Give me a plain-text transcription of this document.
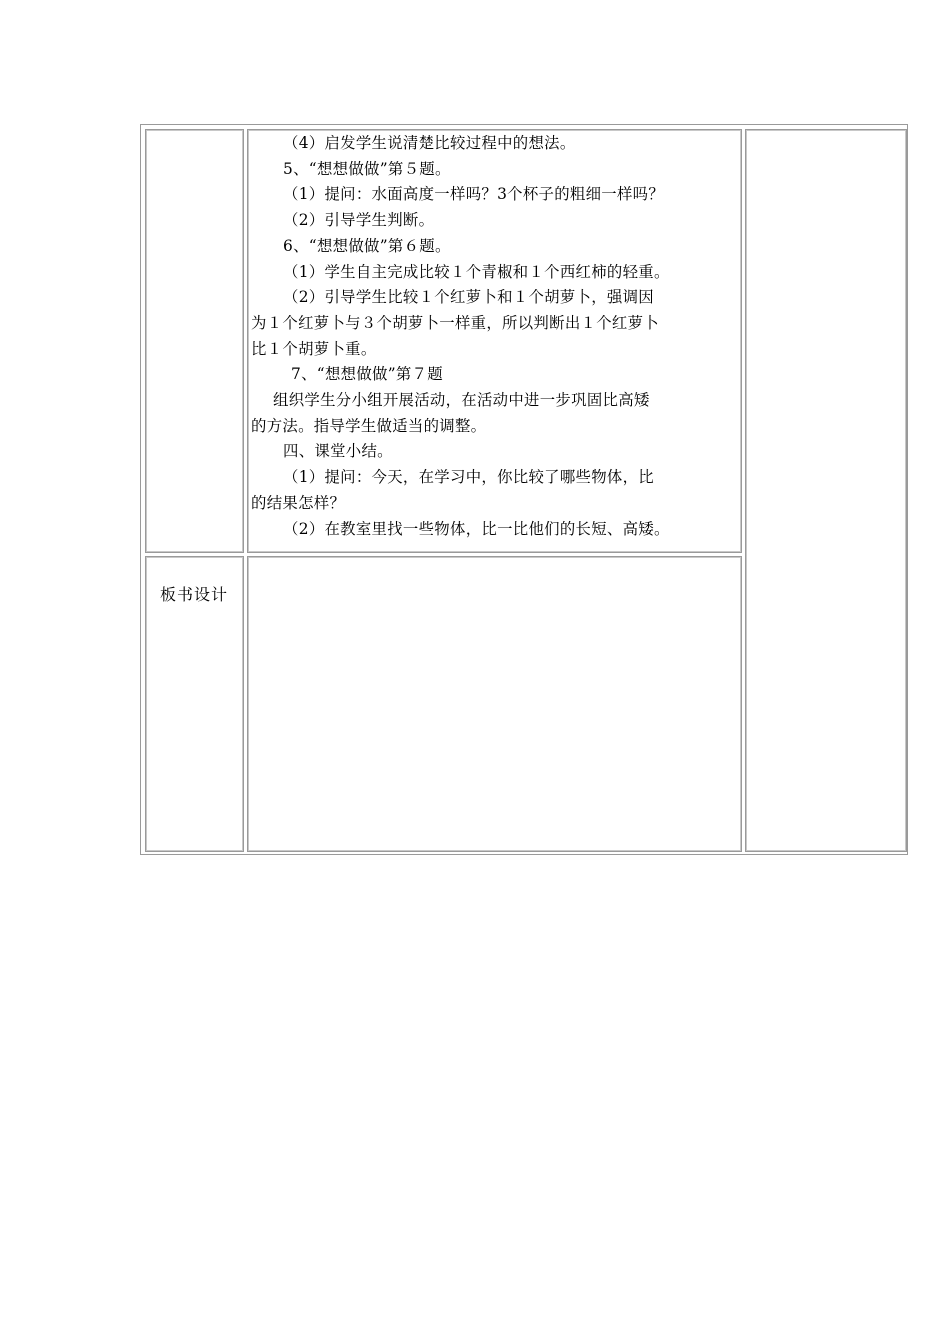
（4）启发学生说清楚比较过程中的想法。

5、“想想做做”第５题。

（1）提问：水面高度一样吗？3个杯子的粗细一样吗？

（2）引导学生判断。

6、“想想做做”第６题。

（1）学生自主完成比较１个青椒和１个西红柿的轻重。

（2）引导学生比较１个红萝卜和１个胡萝卜，强调因

为１个红萝卜与３个胡萝卜一样重，所以判断出１个红萝卜

比１个胡萝卜重。

7、“想想做做”第７题

组织学生分小组开展活动，在活动中进一步巩固比高矮

的方法。指导学生做适当的调整。

四、课堂小结。

（1）提问：今天，在学习中，你比较了哪些物体，比

的结果怎样？

（2）在教室里找一些物体，比一比他们的长短、高矮。

板书设计
